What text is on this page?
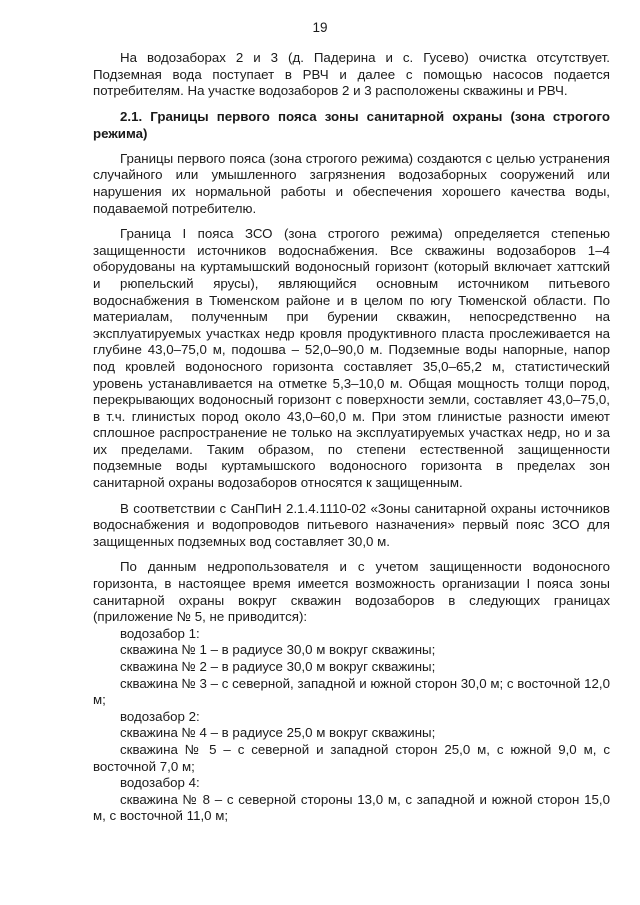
19

На водозаборах 2 и 3 (д. Падерина и с. Гусево) очистка отсутствует. Подземная вода поступает в РВЧ и далее с помощью насосов подается потребителям. На участке водозаборов 2 и 3 расположены скважины и РВЧ.

2.1. Границы первого пояса зоны санитарной охраны (зона строгого режима)

Границы первого пояса (зона строгого режима) создаются с целью устранения случайного или умышленного загрязнения водозаборных сооружений или нарушения их нормальной работы и обеспечения хорошего качества воды, подаваемой потребителю.

Граница I пояса ЗСО (зона строгого режима) определяется степенью защищенности источников водоснабжения. Все скважины водозаборов 1–4 оборудованы на куртамышский водоносный горизонт (который включает хаттский и рюпельский ярусы), являющийся основным источником питьевого водоснабжения в Тюменском районе и в целом по югу Тюменской области. По материалам, полученным при бурении скважин, непосредственно на эксплуатируемых участках недр кровля продуктивного пласта прослеживается на глубине 43,0–75,0 м, подошва – 52,0–90,0 м. Подземные воды напорные, напор под кровлей водоносного горизонта составляет 35,0–65,2 м, статистический уровень устанавливается на отметке 5,3–10,0 м. Общая мощность толщи пород, перекрывающих водоносный горизонт с поверхности земли, составляет 43,0–75,0, в т.ч. глинистых пород около 43,0–60,0 м. При этом глинистые разности имеют сплошное распространение не только на эксплуатируемых участках недр, но и за их пределами. Таким образом, по степени естественной защищенности подземные воды куртамышского водоносного горизонта в пределах зон санитарной охраны водозаборов относятся к защищенным.

В соответствии с СанПиН 2.1.4.1110-02 «Зоны санитарной охраны источников водоснабжения и водопроводов питьевого назначения» первый пояс ЗСО для защищенных подземных вод составляет 30,0 м.

По данным недропользователя и с учетом защищенности водоносного горизонта, в настоящее время имеется возможность организации I пояса зоны санитарной охраны вокруг скважин водозаборов в следующих границах (приложение № 5, не приводится):

водозабор 1:

скважина № 1 – в радиусе 30,0 м вокруг скважины;

скважина № 2 – в радиусе 30,0 м вокруг скважины;

скважина № 3 – с северной, западной и южной сторон 30,0 м; с восточной 12,0 м;

водозабор 2:

скважина № 4 – в радиусе 25,0 м вокруг скважины;

скважина № 5 – с северной и западной сторон 25,0 м, с южной 9,0 м, с восточной 7,0 м;

водозабор 4:

скважина № 8 – с северной стороны 13,0 м, с западной и южной сторон 15,0 м, с восточной 11,0 м;
